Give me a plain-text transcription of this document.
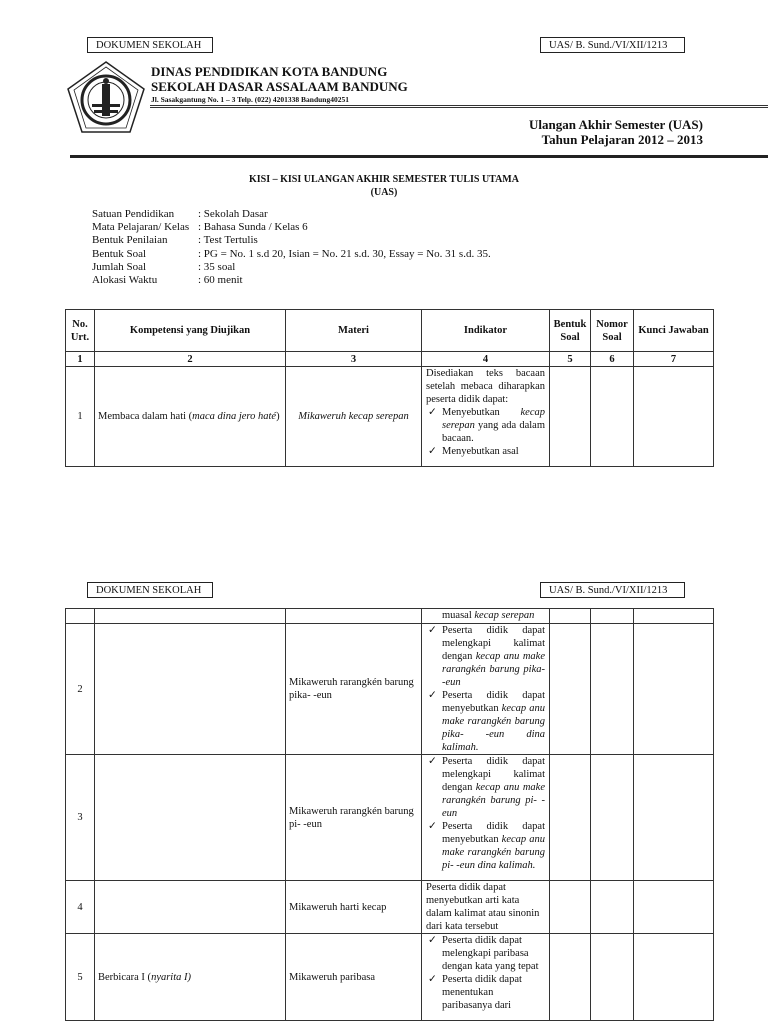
DOKUMEN SEKOLAH	UAS/ B. Sund./VI/XII/1213
DINAS PENDIDIKAN KOTA BANDUNG
SEKOLAH DASAR ASSALAAM BANDUNG
Jl. Sasakgantung No. 1 – 3 Telp. (022) 4201338 Bandung40251
Ulangan Akhir Semester (UAS)
Tahun Pelajaran 2012 – 2013
KISI – KISI ULANGAN AKHIR SEMESTER TULIS UTAMA
(UAS)
Satuan Pendidikan	: Sekolah Dasar
Mata Pelajaran/ Kelas : Bahasa Sunda / Kelas 6
Bentuk Penilaian	: Test Tertulis
Bentuk Soal	: PG = No. 1 s.d 20, Isian = No. 21 s.d. 30, Essay = No. 31 s.d. 35.
Jumlah Soal	: 35 soal
Alokasi Waktu	: 60 menit
No. Urt.	Kompetensi yang Diujikan	Materi	Indikator	Bentuk Soal	Nomor Soal	Kunci Jawaban
1	2	3	4	5	6	7
1	Membaca dalam hati (maca dina jero haté)	Mikaweruh kecap serepan	Disediakan teks bacaan setelah mebaca diharapkan peserta didik dapat:
✓ Menyebutkan kecap serepan yang ada dalam bacaan.
✓ Menyebutkan asal			

DOKUMEN SEKOLAH	UAS/ B. Sund./VI/XII/1213

			muasal kecap serepan			

2		Mikaweruh rarangkén barung pika- -eun	✓ Peserta didik dapat melengkapi kalimat dengan kecap anu make rarangkén barung pika- -eun
✓ Peserta didik dapat menyebutkan kecap anu make rarangkén barung pika- -eun dina kalimah.			

3		Mikaweruh rarangkén barung pi- -eun	✓ Peserta didik dapat melengkapi kalimat dengan kecap anu make rarangkén barung pi- -eun
✓ Peserta didik dapat menyebutkan kecap anu make rarangkén barung pi- -eun dina kalimah.			

4		Mikaweruh harti kecap	Peserta didik dapat menyebutkan arti kata dalam kalimat atau sinonin dari kata tersebut			

5	Berbicara I (nyarita I)	Mikaweruh paribasa	✓ Peserta didik dapat melengkapi paribasa dengan kata yang tepat
✓ Peserta didik dapat menentukan paribasanya dari			
